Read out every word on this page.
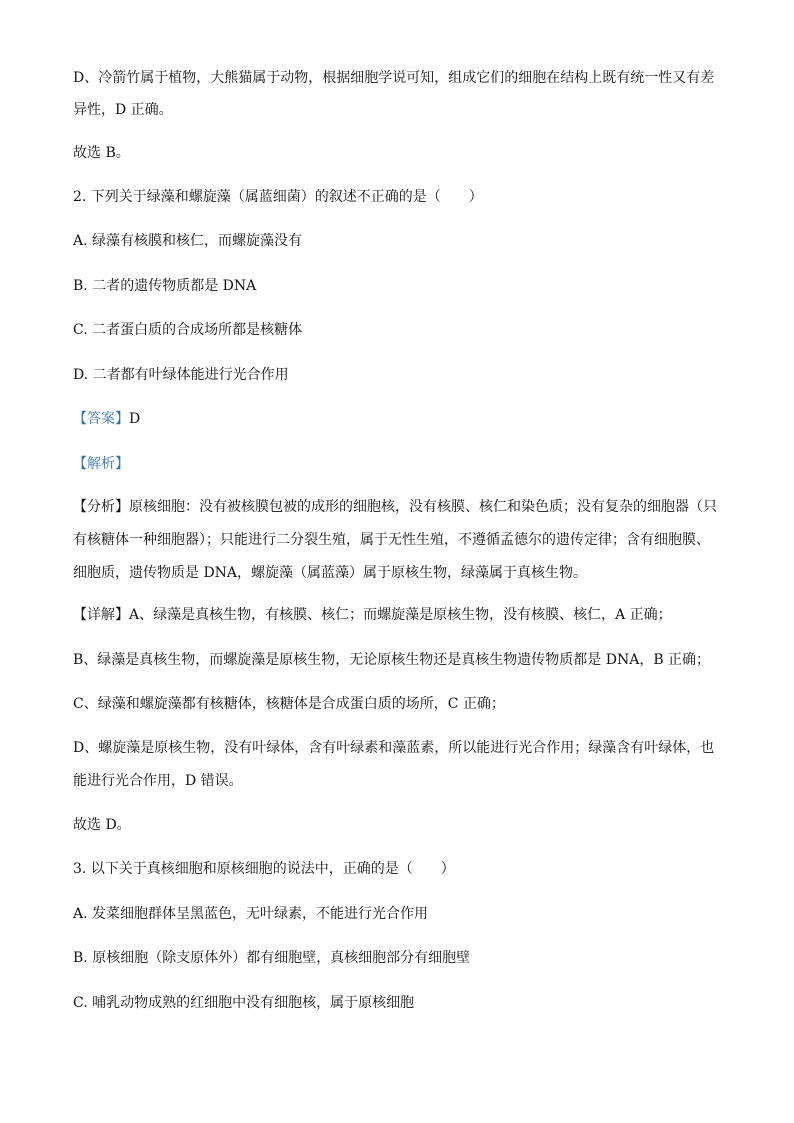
D、冷箭竹属于植物，大熊猫属于动物，根据细胞学说可知，组成它们的细胞在结构上既有统一性又有差
异性，D 正确。
故选 B。
2. 下列关于绿藻和螺旋藻（属蓝细菌）的叙述不正确的是（　　）
A. 绿藻有核膜和核仁，而螺旋藻没有
B. 二者的遗传物质都是 DNA
C. 二者蛋白质的合成场所都是核糖体
D. 二者都有叶绿体能进行光合作用
【答案】D
【解析】
【分析】原核细胞：没有被核膜包被的成形的细胞核，没有核膜、核仁和染色质；没有复杂的细胞器（只有核糖体一种细胞器）；只能进行二分裂生殖，属于无性生殖，不遵循孟德尔的遗传定律；含有细胞膜、细胞质，遗传物质是 DNA，螺旋藻（属蓝藻）属于原核生物，绿藻属于真核生物。
【详解】A、绿藻是真核生物，有核膜、核仁；而螺旋藻是原核生物，没有核膜、核仁，A 正确；
B、绿藻是真核生物，而螺旋藻是原核生物，无论原核生物还是真核生物遗传物质都是 DNA，B 正确；
C、绿藻和螺旋藻都有核糖体，核糖体是合成蛋白质的场所，C 正确；
D、螺旋藻是原核生物，没有叶绿体，含有叶绿素和藻蓝素，所以能进行光合作用；绿藻含有叶绿体，也能进行光合作用，D 错误。
故选 D。
3. 以下关于真核细胞和原核细胞的说法中，正确的是（　　）
A. 发菜细胞群体呈黑蓝色，无叶绿素，不能进行光合作用
B. 原核细胞（除支原体外）都有细胞壁，真核细胞部分有细胞壁
C. 哺乳动物成熟的红细胞中没有细胞核，属于原核细胞
